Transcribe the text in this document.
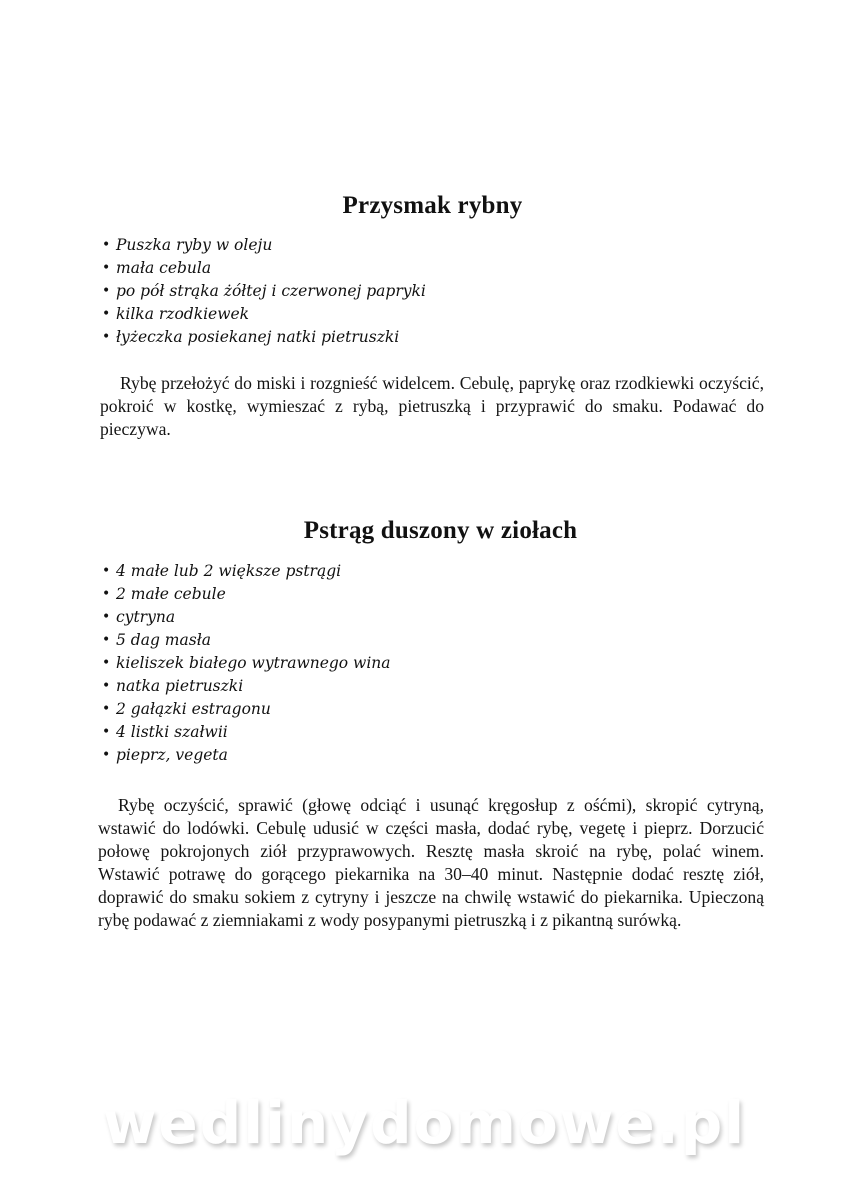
Przysmak rybny
• Puszka ryby w oleju
• mała cebula
• po pół strąka żółtej i czerwonej papryki
• kilka rzodkiewek
• łyżeczka posiekanej natki pietruszki

Rybę przełożyć do miski i rozgnieść widelcem. Cebulę, paprykę oraz rzodkiewki oczyścić, pokroić w kostkę, wymieszać z rybą, pietruszką i przyprawić do smaku. Podawać do pieczywa.

Pstrąg duszony w ziołach
• 4 małe lub 2 większe pstrągi
• 2 małe cebule
• cytryna
• 5 dag masła
• kieliszek białego wytrawnego wina
• natka pietruszki
• 2 gałązki estragonu
• 4 listki szałwii
• pieprz, vegeta

Rybę oczyścić, sprawić (głowę odciąć i usunąć kręgosłup z ośćmi), skropić cytryną, wstawić do lodówki. Cebulę udusić w części masła, dodać rybę, vegetę i pieprz. Dorzucić połowę pokrojonych ziół przyprawowych. Resztę masła skroić na rybę, polać winem. Wstawić potrawę do gorącego piekarnika na 30–40 minut. Następnie dodać resztę ziół, doprawić do smaku sokiem z cytryny i jeszcze na chwilę wstawić do piekarnika. Upieczoną rybę podawać z ziemniakami z wody posypanymi pietruszką i z pikantną surówką.

wedlinydomowe.pl
